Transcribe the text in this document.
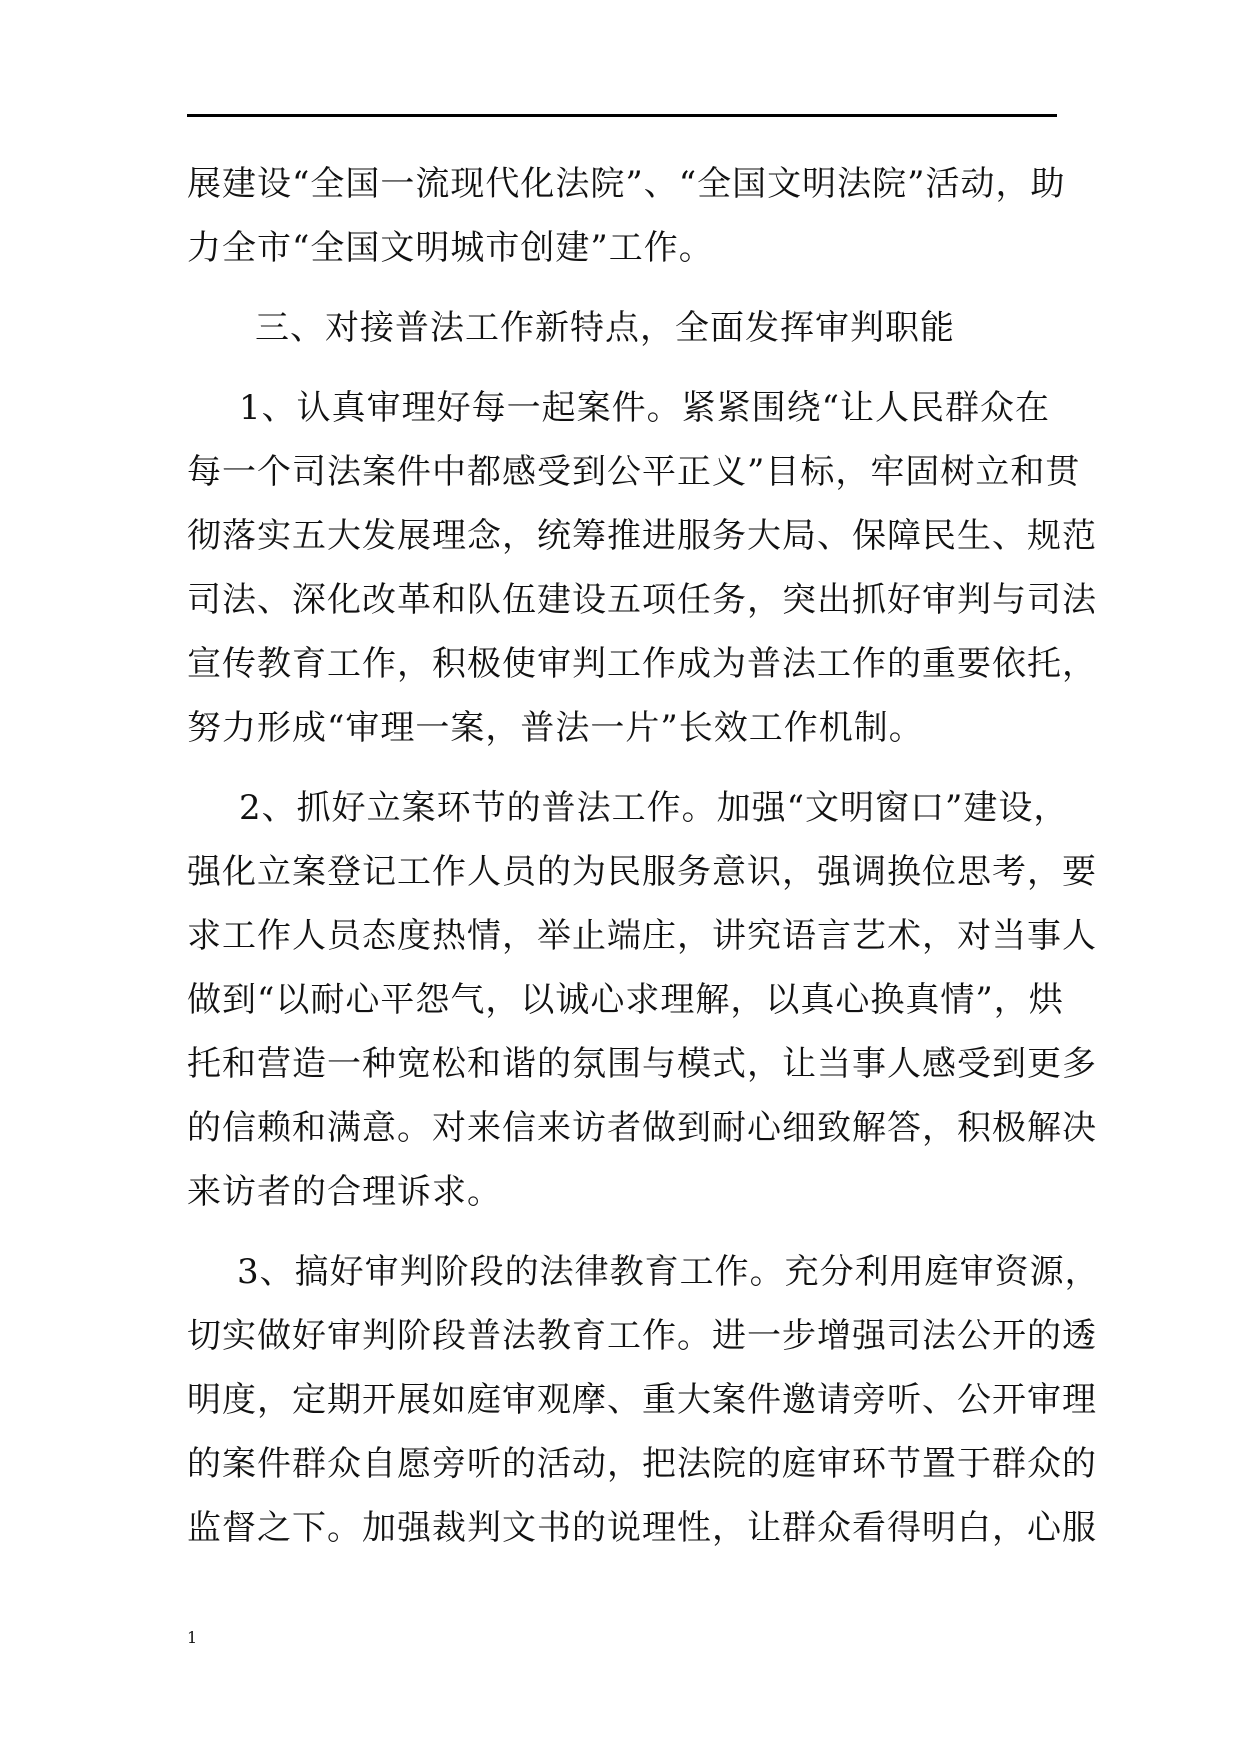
展建设“全国一流现代化法院”、“全国文明法院”活动，助
力全市“全国文明城市创建”工作。
三、对接普法工作新特点，全面发挥审判职能
1、认真审理好每一起案件。紧紧围绕“让人民群众在
每一个司法案件中都感受到公平正义”目标，牢固树立和贯
彻落实五大发展理念，统筹推进服务大局、保障民生、规范
司法、深化改革和队伍建设五项任务，突出抓好审判与司法
宣传教育工作，积极使审判工作成为普法工作的重要依托，
努力形成“审理一案，普法一片”长效工作机制。
2、抓好立案环节的普法工作。加强“文明窗口”建设，
强化立案登记工作人员的为民服务意识，强调换位思考，要
求工作人员态度热情，举止端庄，讲究语言艺术，对当事人
做到“以耐心平怨气，以诚心求理解，以真心换真情”，烘
托和营造一种宽松和谐的氛围与模式，让当事人感受到更多
的信赖和满意。对来信来访者做到耐心细致解答，积极解决
来访者的合理诉求。
3、搞好审判阶段的法律教育工作。充分利用庭审资源，
切实做好审判阶段普法教育工作。进一步增强司法公开的透
明度，定期开展如庭审观摩、重大案件邀请旁听、公开审理
的案件群众自愿旁听的活动，把法院的庭审环节置于群众的
监督之下。加强裁判文书的说理性，让群众看得明白，心服
1
